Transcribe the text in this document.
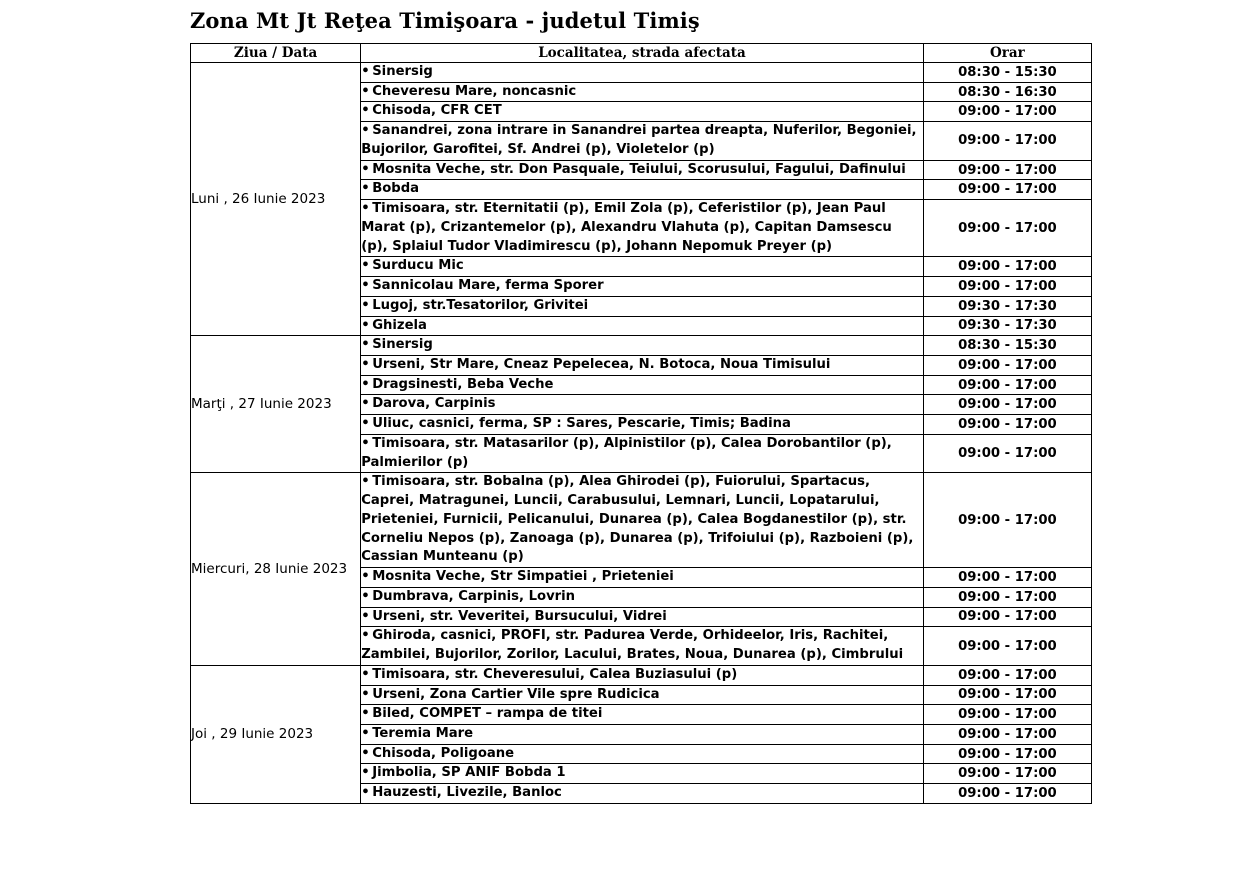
Zona Mt Jt Reţea Timişoara - judetul Timiş
Ziua / Data	Localitatea, strada afectata	Orar
Luni , 26 Iunie 2023	• Sinersig	08:30 - 15:30
	• Cheveresu Mare, noncasnic	08:30 - 16:30
	• Chisoda, CFR CET	09:00 - 17:00
	• Sanandrei, zona intrare in Sanandrei partea dreapta, Nuferilor, Begoniei, Bujorilor, Garofitei, Sf. Andrei (p), Violetelor (p)	09:00 - 17:00
	• Mosnita Veche, str. Don Pasquale, Teiului, Scorusului, Fagului, Dafinului	09:00 - 17:00
	• Bobda	09:00 - 17:00
	• Timisoara, str. Eternitatii (p), Emil Zola (p), Ceferistilor (p), Jean Paul Marat (p), Crizantemelor (p), Alexandru Vlahuta (p), Capitan Damsescu (p), Splaiul Tudor Vladimirescu (p), Johann Nepomuk Preyer (p)	09:00 - 17:00
	• Surducu Mic	09:00 - 17:00
	• Sannicolau Mare, ferma Sporer	09:00 - 17:00
	• Lugoj, str.Tesatorilor, Grivitei	09:30 - 17:30
	• Ghizela	09:30 - 17:30
Marţi , 27 Iunie 2023	• Sinersig	08:30 - 15:30
	• Urseni, Str Mare, Cneaz Pepelecea, N. Botoca, Noua Timisului	09:00 - 17:00
	• Dragsinesti, Beba Veche	09:00 - 17:00
	• Darova, Carpinis	09:00 - 17:00
	• Uliuc, casnici, ferma, SP : Sares, Pescarie, Timis; Badina	09:00 - 17:00
	• Timisoara, str. Matasarilor (p), Alpinistilor (p), Calea Dorobantilor (p), Palmierilor (p)	09:00 - 17:00
Miercuri, 28 Iunie 2023	• Timisoara, str. Bobalna (p), Alea Ghirodei (p), Fuiorului, Spartacus, Caprei, Matragunei, Luncii, Carabusului, Lemnari, Luncii, Lopatarului, Prieteniei, Furnicii, Pelicanului, Dunarea (p), Calea Bogdanestilor (p), str. Corneliu Nepos (p), Zanoaga (p), Dunarea (p), Trifoiului (p), Razboieni (p), Cassian Munteanu (p)	09:00 - 17:00
	• Mosnita Veche, Str Simpatiei , Prieteniei	09:00 - 17:00
	• Dumbrava, Carpinis, Lovrin	09:00 - 17:00
	• Urseni, str. Veveritei, Bursucului, Vidrei	09:00 - 17:00
	• Ghiroda, casnici, PROFI, str. Padurea Verde, Orhideelor, Iris, Rachitei, Zambilei, Bujorilor, Zorilor, Lacului, Brates, Noua, Dunarea (p), Cimbrului	09:00 - 17:00
Joi , 29 Iunie 2023	• Timisoara, str. Cheveresului, Calea Buziasului (p)	09:00 - 17:00
	• Urseni, Zona Cartier Vile spre Rudicica	09:00 - 17:00
	• Biled, COMPET – rampa de titei	09:00 - 17:00
	• Teremia Mare	09:00 - 17:00
	• Chisoda, Poligoane	09:00 - 17:00
	• Jimbolia, SP ANIF Bobda 1	09:00 - 17:00
	• Hauzesti, Livezile, Banloc	09:00 - 17:00
